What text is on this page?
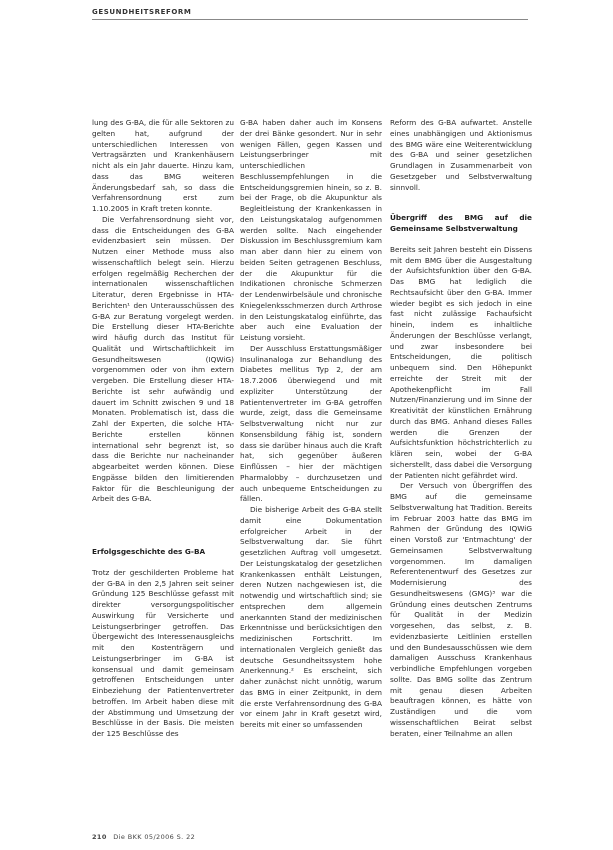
GESUNDHEITSREFORM

lung des G-BA, die für alle Sektoren zu gelten hat, aufgrund der unterschiedlichen Interessen von Vertragsärzten und Krankenhäusern nicht als ein Jahr dauerte. Hinzu kam, dass das BMG weiteren Änderungsbedarf sah, so dass die Verfahrensordnung erst zum 1.10.2005 in Kraft treten konnte.

Die Verfahrensordnung sieht vor, dass die Entscheidungen des G-BA evidenzbasiert sein müssen. Der Nutzen einer Methode muss also wissenschaftlich belegt sein. Hierzu erfolgen regelmäßig Recherchen der internationalen wissenschaftlichen Literatur, deren Ergebnisse in HTA-Berichten¹ den Unterausschüssen des G-BA zur Beratung vorgelegt werden. Die Erstellung dieser HTA-Berichte wird häufig durch das Institut für Qualität und Wirtschaftlichkeit im Gesundheitswesen (IQWiG) vorgenommen oder von ihm extern vergeben. Die Erstellung dieser HTA-Berichte ist sehr aufwändig und dauert im Schnitt zwischen 9 und 18 Monaten. Problematisch ist, dass die Zahl der Experten, die solche HTA-Berichte erstellen können international sehr begrenzt ist, so dass die Berichte nur nacheinander abgearbeitet werden können. Diese Engpässe bilden den limitierenden Faktor für die Beschleunigung der Arbeit des G-BA.

Erfolgsgeschichte des G-BA

Trotz der geschilderten Probleme hat der G-BA in den 2,5 Jahren seit seiner Gründung 125 Beschlüsse gefasst mit direkter versorgungspolitischer Auswirkung für Versicherte und Leistungserbringer getroffen. Das Übergewicht des Interessenausgleichs mit den Kostenträgern und Leistungserbringer im G-BA ist konsensual und damit gemeinsam getroffenen Entscheidungen unter Einbeziehung der Patientenvertreter betroffen. Im Arbeit haben diese mit der Abstimmung und Umsetzung der Beschlüsse in der Basis. Die meisten der 125 Beschlüsse des

G-BA haben daher auch im Konsens der drei Bänke gesondert. Nur in sehr wenigen Fällen, gegen Kassen und Leistungserbringer mit unterschiedlichen Beschlussempfehlungen in die Entscheidungsgremien hinein, so z. B. bei der Frage, ob die Akupunktur als Begleitleistung der Krankenkassen in den Leistungskatalog aufgenommen werden sollte. Nach eingehender Diskussion im Beschlussgremium kam man aber dann hier zu einem von beiden Seiten getragenen Beschluss, der die Akupunktur für die Indikationen chronische Schmerzen der Lendenwirbelsäule und chronische Kniegelenksschmerzen durch Arthrose in den Leistungskatalog einführte, das aber auch eine Evaluation der Leistung vorsieht.

Der Ausschluss Erstattungsmäßiger Insulinanaloga zur Behandlung des Diabetes mellitus Typ 2, der am 18.7.2006 überwiegend und mit expliziter Unterstützung der Patientenvertreter im G-BA getroffen wurde, zeigt, dass die Gemeinsame Selbstverwaltung nicht nur zur Konsensbildung fähig ist, sondern dass sie darüber hinaus auch die Kraft hat, sich gegenüber äußeren Einflüssen – hier der mächtigen Pharmalobby – durchzusetzen und auch unbequeme Entscheidungen zu fällen.

Die bisherige Arbeit des G-BA stellt damit eine Dokumentation erfolgreicher Arbeit in der Selbstverwaltung dar. Sie führt gesetzlichen Auftrag voll umgesetzt. Der Leistungskatalog der gesetzlichen Krankenkassen enthält Leistungen, deren Nutzen nachgewiesen ist, die notwendig und wirtschaftlich sind; sie entsprechen dem allgemein anerkannten Stand der medizinischen Erkenntnisse und berücksichtigen den medizinischen Fortschritt. Im internationalen Vergleich genießt das deutsche Gesundheitssystem hohe Anerkennung.² Es erscheint, sich daher zunächst nicht unnötig, warum das BMG in einer Zeitpunkt, in dem die erste Verfahrensordnung des G-BA vor einem Jahr in Kraft gesetzt wird, bereits mit einer so umfassenden

Reform des G-BA aufwartet. Anstelle eines unabhängigen und Aktionismus des BMG wäre eine Weiterentwicklung des G-BA und seiner gesetzlichen Grundlagen in Zusammenarbeit von Gesetzgeber und Selbstverwaltung sinnvoll.

Übergriff des BMG auf die Gemeinsame Selbstverwaltung

Bereits seit Jahren besteht ein Dissens mit dem BMG über die Ausgestaltung der Aufsichtsfunktion über den G-BA. Das BMG hat lediglich die Rechtsaufsicht über den G-BA. Immer wieder begibt es sich jedoch in eine fast nicht zulässige Fachaufsicht hinein, indem es inhaltliche Änderungen der Beschlüsse verlangt, und zwar insbesondere bei Entscheidungen, die politisch unbequem sind. Den Höhepunkt erreichte der Streit mit der Apothekenpflicht im Fall Nutzen/Finanzierung und im Sinne der Kreativität der künstlichen Ernährung durch das BMG. Anhand dieses Falles werden die Grenzen der Aufsichtsfunktion höchstrichterlich zu klären sein, wobei der G-BA sicherstellt, dass dabei die Versorgung der Patienten nicht gefährdet wird.

Der Versuch von Übergriffen des BMG auf die gemeinsame Selbstverwaltung hat Tradition. Bereits im Februar 2003 hatte das BMG im Rahmen der Gründung des IQWiG einen Vorstoß zur 'Entmachtung' der Gemeinsamen Selbstverwaltung vorgenommen. Im damaligen Referentenentwurf des Gesetzes zur Modernisierung des Gesundheitswesens (GMG)³ war die Gründung eines deutschen Zentrums für Qualität in der Medizin vorgesehen, das selbst, z. B. evidenzbasierte Leitlinien erstellen und den Bundesausschüssen wie dem damaligen Ausschuss Krankenhaus verbindliche Empfehlungen vorgeben sollte. Das BMG sollte das Zentrum mit genau diesen Arbeiten beauftragen können, es hätte von Zuständigen und die vom wissenschaftlichen Beirat selbst beraten, einer Teilnahme an allen

210 Die BKK 05/2006 S. 22
